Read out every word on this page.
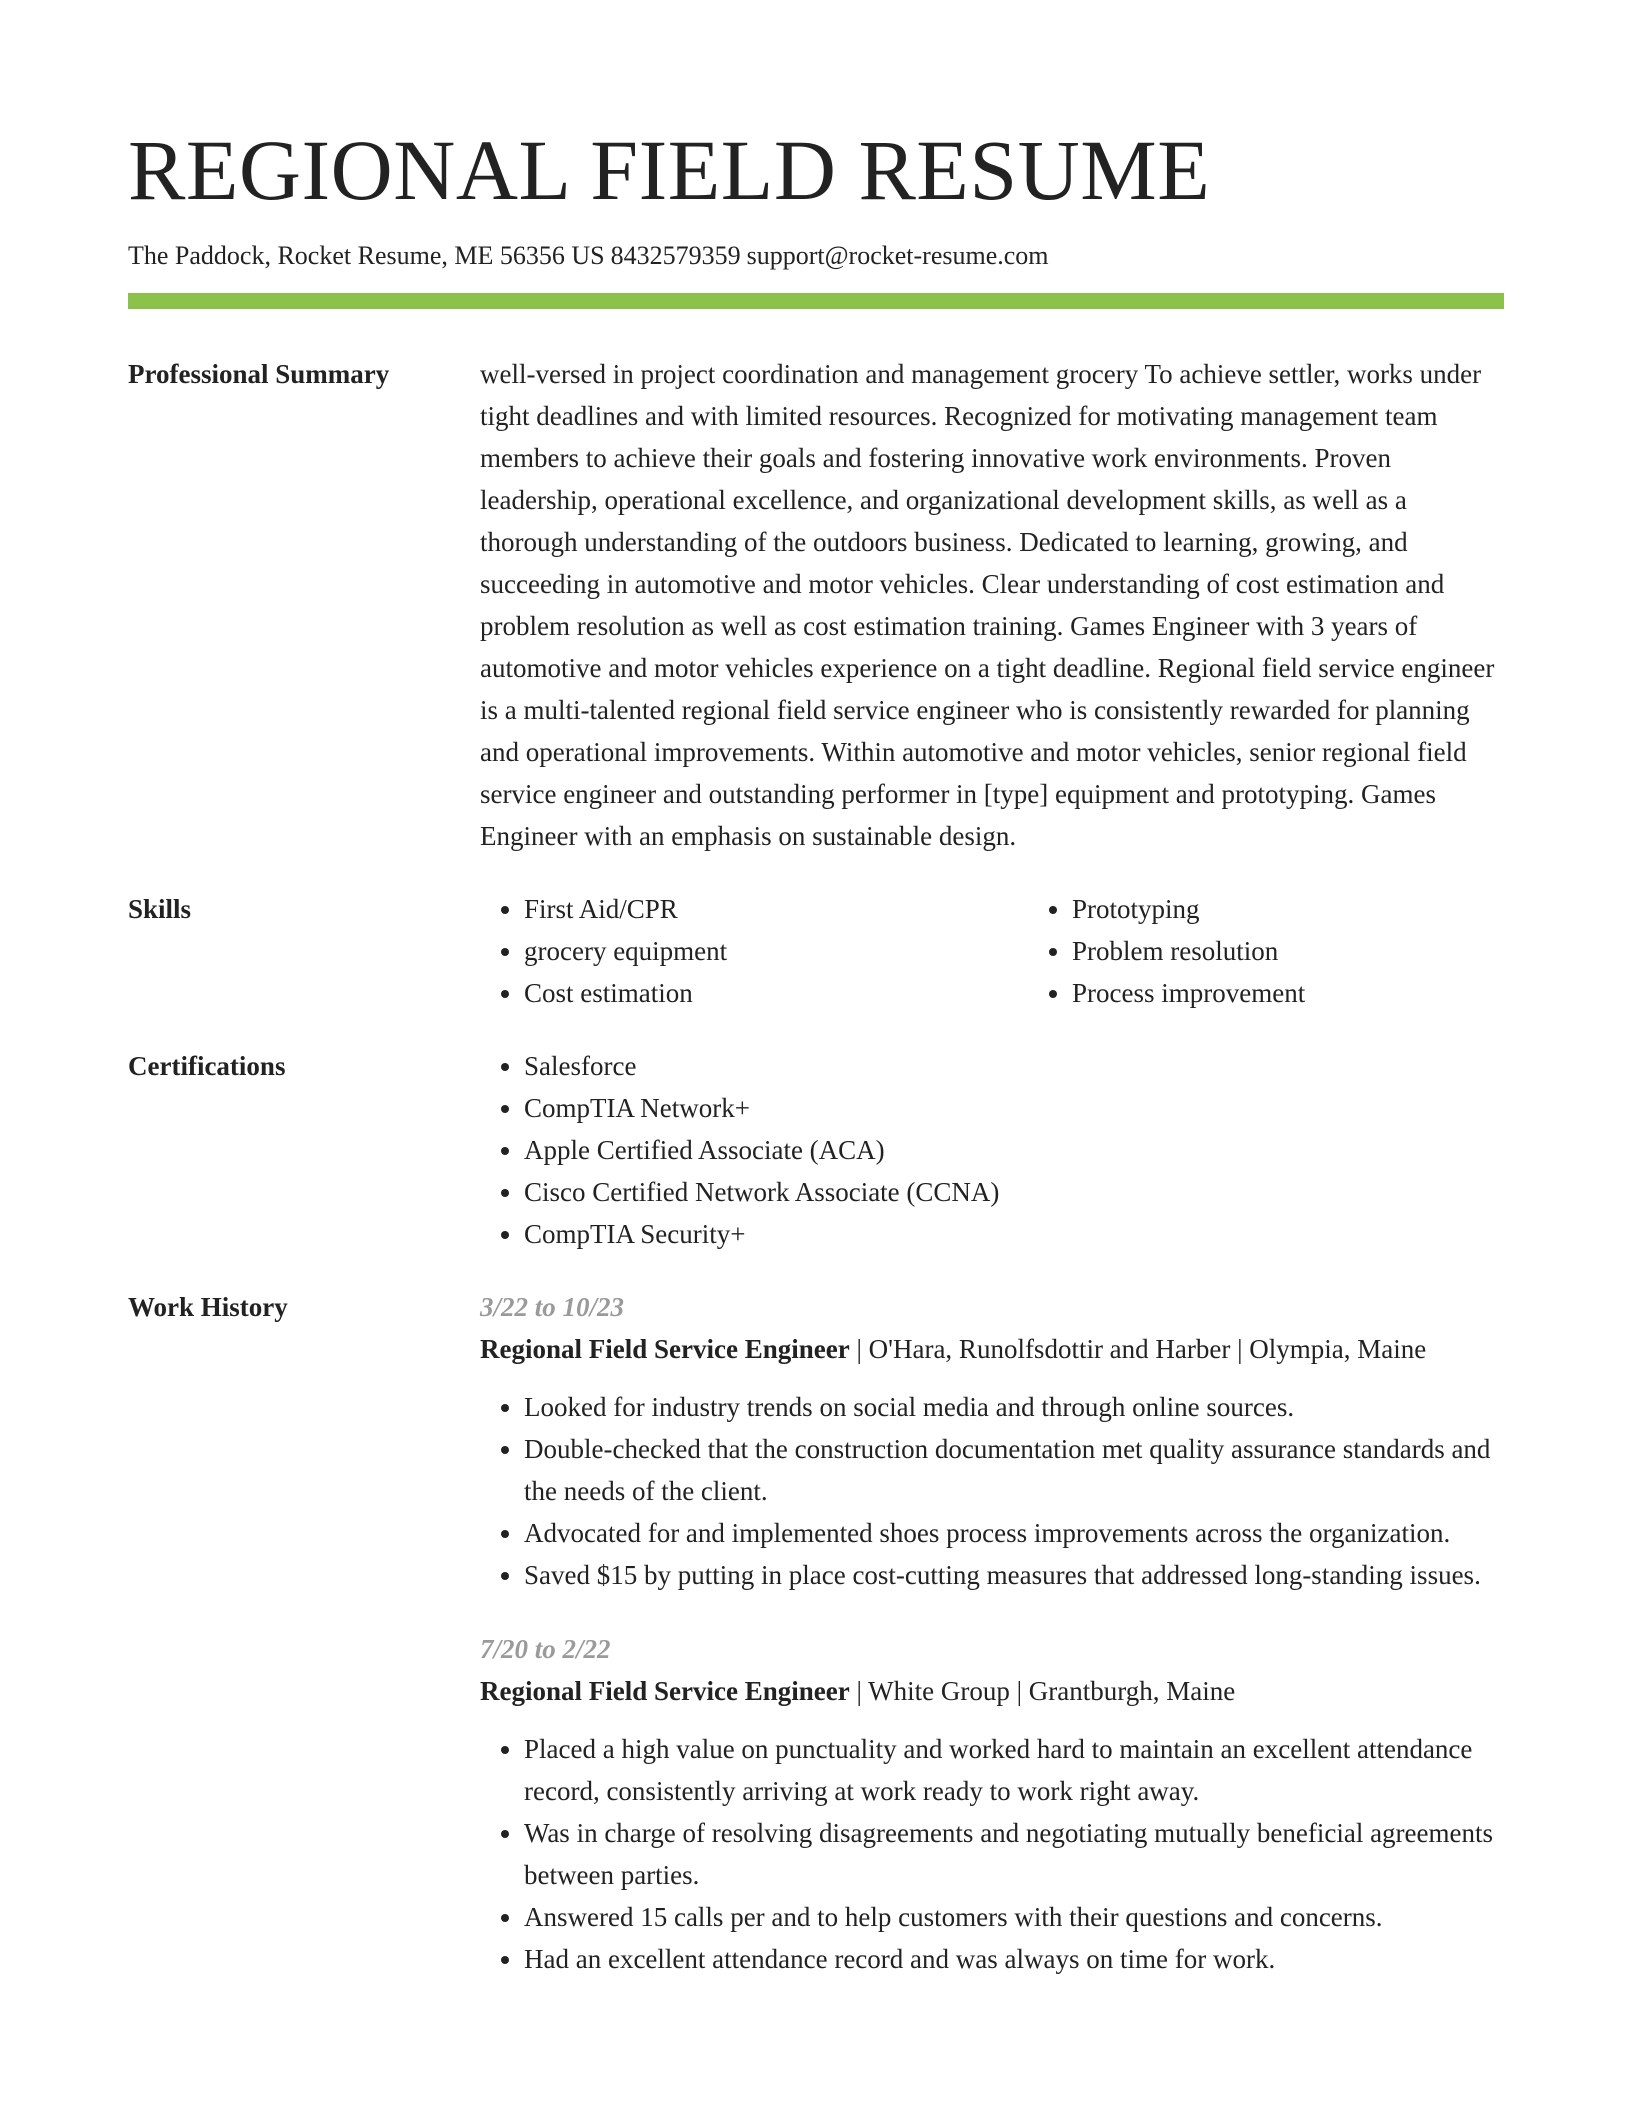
REGIONAL FIELD RESUME
The Paddock, Rocket Resume, ME 56356 US 8432579359 support@rocket-resume.com
Professional Summary	well-versed in project coordination and management grocery To achieve settler, works under tight deadlines and with limited resources. Recognized for motivating management team members to achieve their goals and fostering innovative work environments. Proven leadership, operational excellence, and organizational development skills, as well as a thorough understanding of the outdoors business. Dedicated to learning, growing, and succeeding in automotive and motor vehicles. Clear understanding of cost estimation and problem resolution as well as cost estimation training. Games Engineer with 3 years of automotive and motor vehicles experience on a tight deadline. Regional field service engineer is a multi-talented regional field service engineer who is consistently rewarded for planning and operational improvements. Within automotive and motor vehicles, senior regional field service engineer and outstanding performer in [type] equipment and prototyping. Games Engineer with an emphasis on sustainable design.

Skills	• First Aid/CPR
• grocery equipment
• Cost estimation
• Prototyping
• Problem resolution
• Process improvement
Certifications	• Salesforce
• CompTIA Network+
• Apple Certified Associate (ACA)
• Cisco Certified Network Associate (CCNA)
• CompTIA Security+
Work History	3/22 to 10/23
Regional Field Service Engineer | O'Hara, Runolfsdottir and Harber | Olympia, Maine
• Looked for industry trends on social media and through online sources.
• Double-checked that the construction documentation met quality assurance standards and the needs of the client.
• Advocated for and implemented shoes process improvements across the organization.
• Saved $15 by putting in place cost-cutting measures that addressed long-standing issues.
7/20 to 2/22
Regional Field Service Engineer | White Group | Grantburgh, Maine
• Placed a high value on punctuality and worked hard to maintain an excellent attendance record, consistently arriving at work ready to work right away.
• Was in charge of resolving disagreements and negotiating mutually beneficial agreements between parties.
• Answered 15 calls per and to help customers with their questions and concerns.
• Had an excellent attendance record and was always on time for work.
